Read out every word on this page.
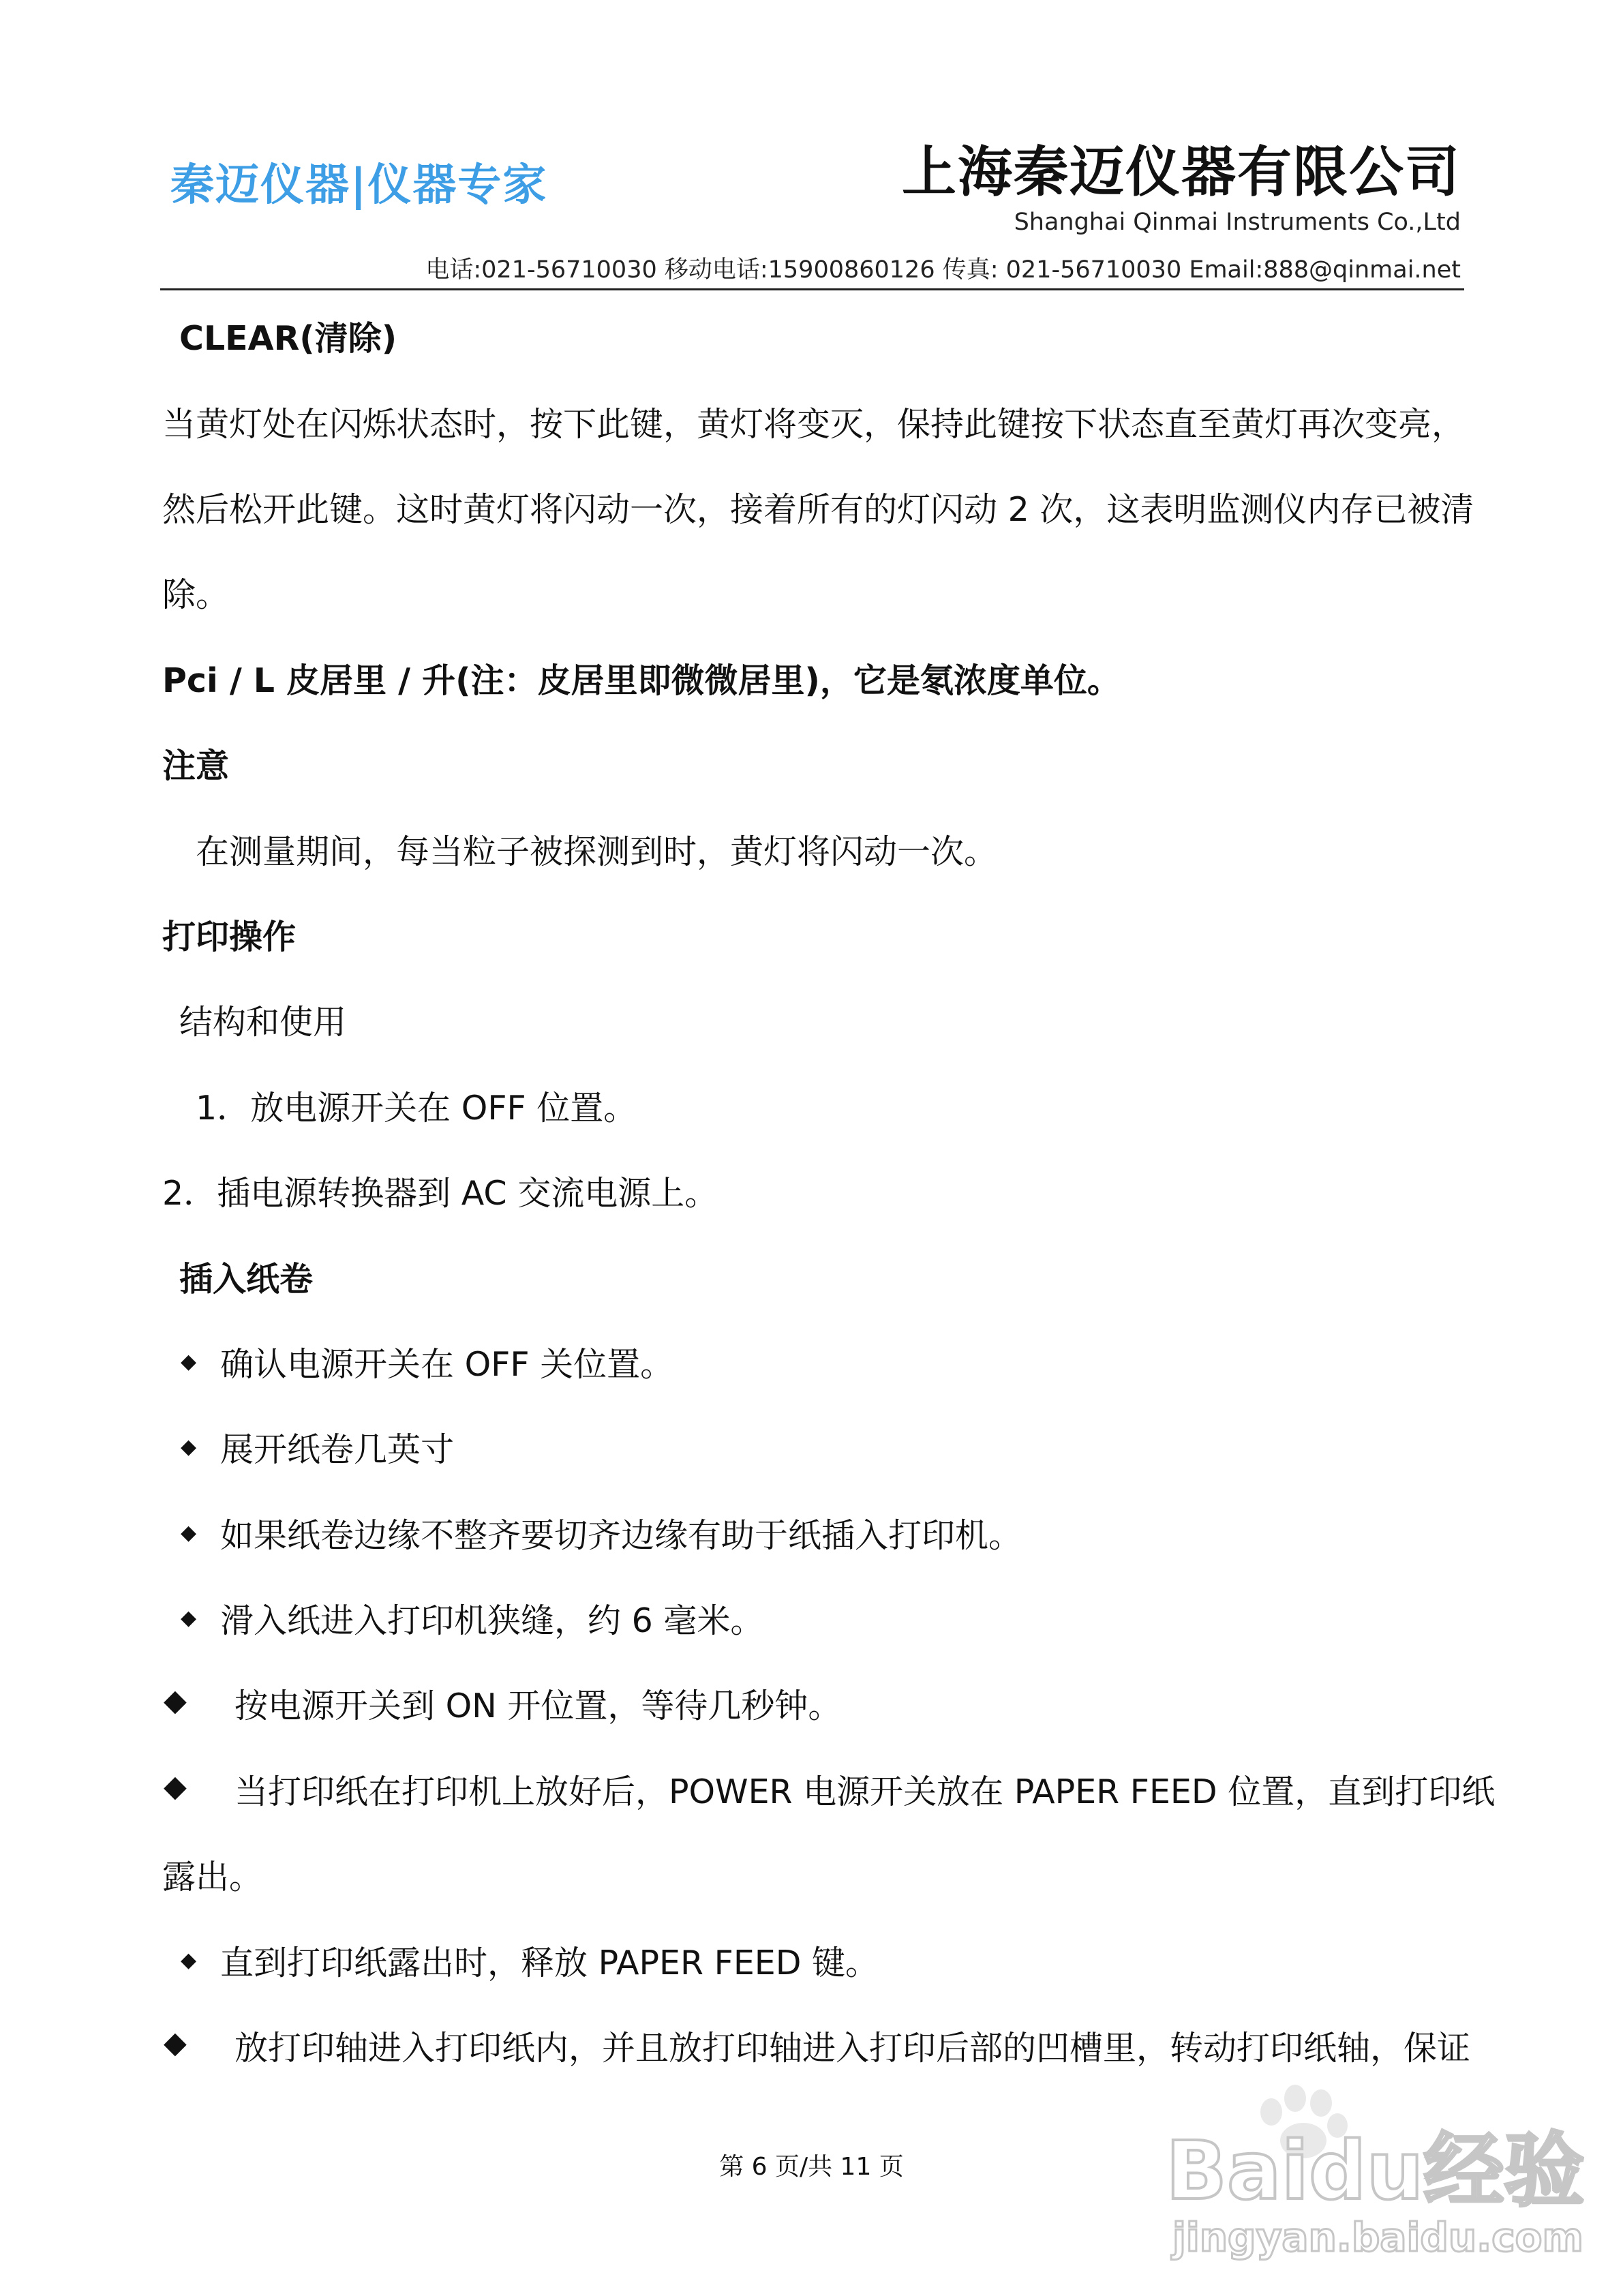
秦迈仪器|仪器专家	上海秦迈仪器有限公司
Shanghai Qinmai Instruments Co.,Ltd
电话:021-56710030 移动电话:15900860126 传真: 021-56710030 Email:888@qinmai.net
CLEAR(清除)
当黄灯处在闪烁状态时，按下此键，黄灯将变灭，保持此键按下状态直至黄灯再次变亮，
然后松开此键。这时黄灯将闪动一次，接着所有的灯闪动 2 次，这表明监测仪内存已被清
除。
Pci / L 皮居里 / 升(注：皮居里即微微居里)，它是氡浓度单位。
注意
在测量期间，每当粒子被探测到时，黄灯将闪动一次。
打印操作
结构和使用
1．放电源开关在 OFF 位置。
2．插电源转换器到 AC 交流电源上。
插入纸卷
◆ 确认电源开关在 OFF 关位置。
◆ 展开纸卷几英寸
◆ 如果纸卷边缘不整齐要切齐边缘有助于纸插入打印机。
◆ 滑入纸进入打印机狭缝，约 6 毫米。
◆ 按电源开关到 ON 开位置，等待几秒钟。
◆ 当打印纸在打印机上放好后，POWER 电源开关放在 PAPER FEED 位置，直到打印纸
露出。
◆ 直到打印纸露出时，释放 PAPER FEED 键。
◆ 放打印轴进入打印纸内，并且放打印轴进入打印后部的凹槽里，转动打印纸轴，保证
第 6 页/共 11 页	Baidu经验
jingyan.baidu.com
